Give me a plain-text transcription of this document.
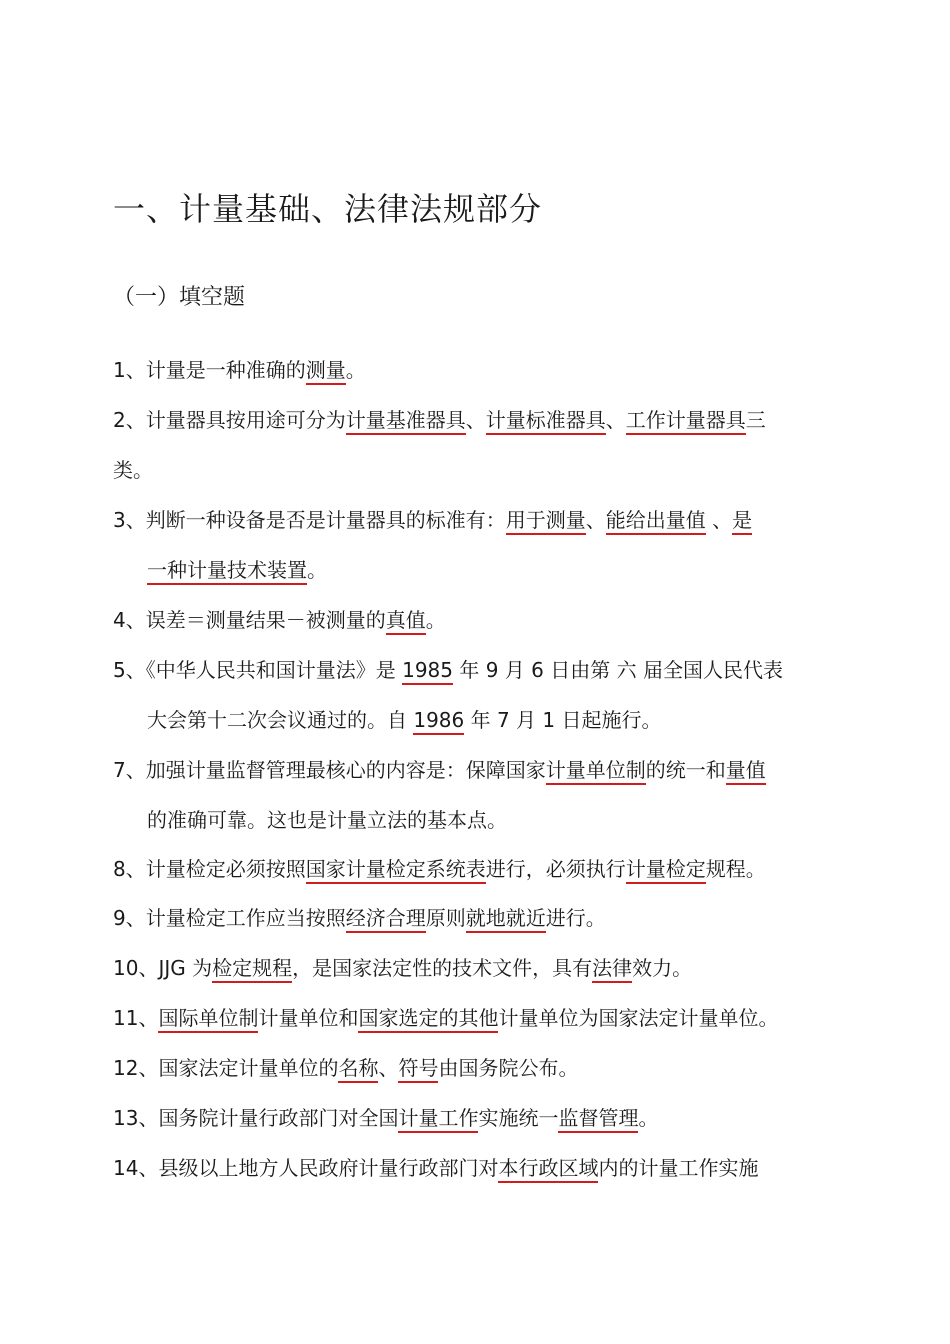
一、计量基础、法律法规部分
（一）填空题
1、计量是一种准确的测量。
2、计量器具按用途可分为计量基准器具、计量标准器具、工作计量器具三
类。
3、判断一种设备是否是计量器具的标准有：用于测量、能给出量值 、是
一种计量技术装置。
4、误差＝测量结果－被测量的真值。
5、《中华人民共和国计量法》是 1985 年 9 月 6 日由第 六 届全国人民代表
大会第十二次会议通过的。自 1986 年 7 月 1 日起施行。
7、加强计量监督管理最核心的内容是：保障国家计量单位制的统一和量值
的准确可靠。这也是计量立法的基本点。
8、计量检定必须按照国家计量检定系统表进行，必须执行计量检定规程。
9、计量检定工作应当按照经济合理原则就地就近进行。
10、JJG 为检定规程，是国家法定性的技术文件，具有法律效力。
11、国际单位制计量单位和国家选定的其他计量单位为国家法定计量单位。
12、国家法定计量单位的名称、符号由国务院公布。
13、国务院计量行政部门对全国计量工作实施统一监督管理。
14、县级以上地方人民政府计量行政部门对本行政区域内的计量工作实施
